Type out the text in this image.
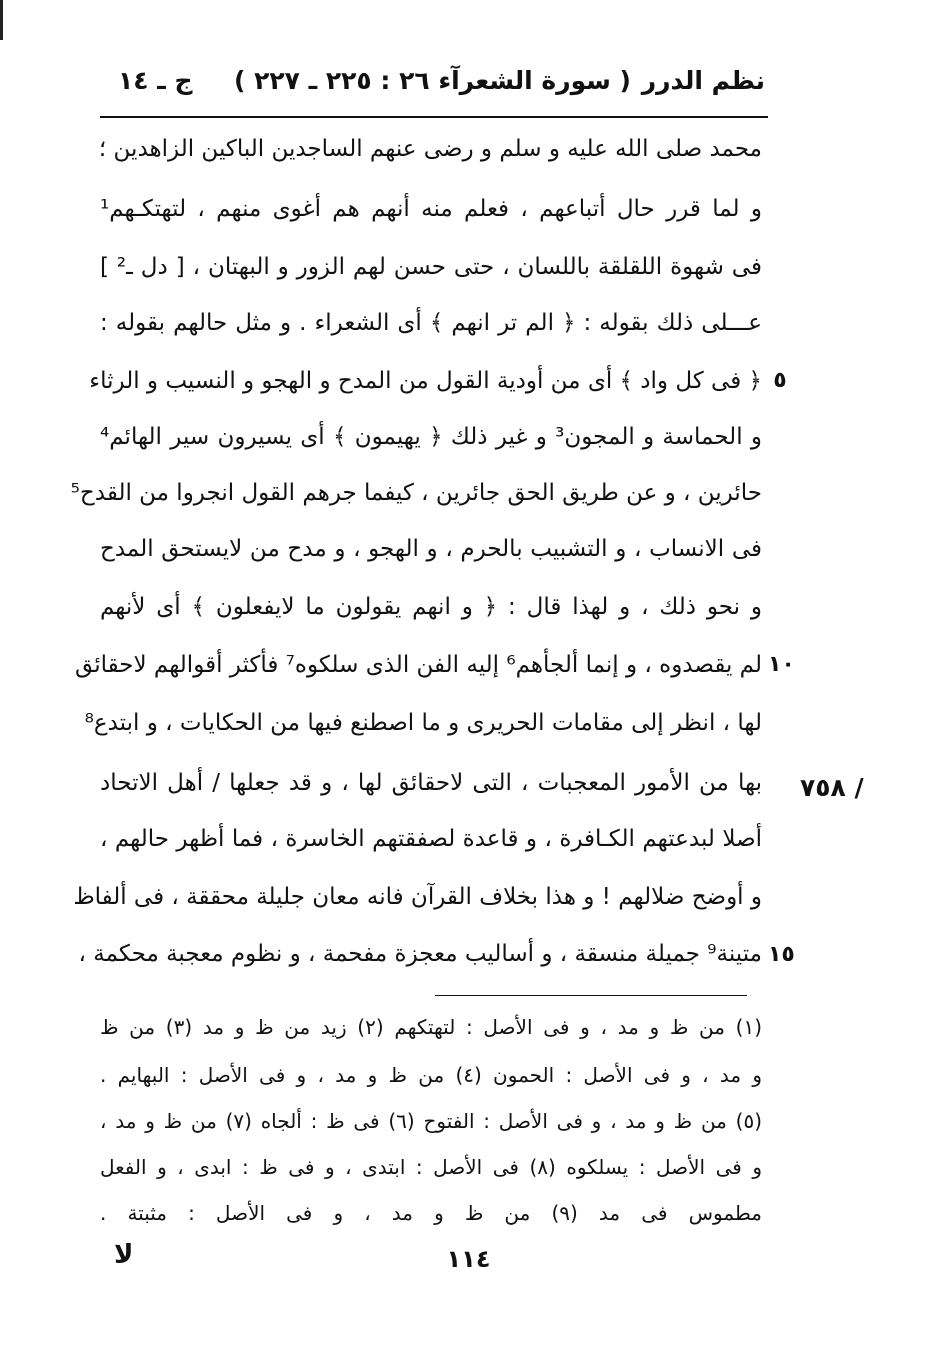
نظم الدرر
( سورة الشعرآء ٢٦ : ٢٢٥ ـ ٢٢٧ )
ج ـ ١٤
محمد صلى الله عليه و سلم و رضى عنهم الساجدين الباكين الزاهدين ؛
و لما قرر حال أتباعهم ، فعلم منه أنهم هم أغوى منهم ، لتهتكـهم¹
فى شهوة اللقلقة باللسان ، حتى حسن لهم الزور و البهتان ، [ دل ـ² ]
عـــلى ذلك بقوله : ﴿ الم تر انهم ﴾ أى الشعراء . و مثل حالهم بقوله :
﴿ فى كل واد ﴾ أى من أودية القول من المدح و الهجو و النسيب و الرثاء
و الحماسة و المجون³ و غير ذلك ﴿ يهيمون ﴾ أى يسيرون سير الهائم⁴
حائرين ، و عن طريق الحق جائرين ، كيفما جرهم القول انجروا من القدح⁵
فى الانساب ، و التشبيب بالحرم ، و الهجو ، و مدح من لايستحق المدح
و نحو ذلك ، و لهذا قال : ﴿ و انهم يقولون ما لايفعلون ﴾ أى لأنهم
لم يقصدوه ، و إنما ألجأهم⁶ إليه الفن الذى سلكوه⁷ فأكثر أقوالهم لاحقائق
لها ، انظر إلى مقامات الحريرى و ما اصطنع فيها من الحكايات ، و ابتدع⁸
بها من الأمور المعجبات ، التى لاحقائق لها ، و قد جعلها / أهل الاتحاد
أصلا لبدعتهم الكـافرة ، و قاعدة لصفقتهم الخاسرة ، فما أظهر حالهم ،
و أوضح ضلالهم ! و هذا بخلاف القرآن فانه معان جليلة محققة ، فى ألفاظ
متينة⁹ جميلة منسقة ، و أساليب معجزة مفحمة ، و نظوم معجبة محكمة ،
٥
١٠
١٥
/ ٧٥٨
(١) من ظ و مد ، و فى الأصل : لتهتكهم (٢) زيد من ظ و مد (٣) من ظ
و مد ، و فى الأصل : الحمون (٤) من ظ و مد ، و فى الأصل : البهايم .
(٥) من ظ و مد ، و فى الأصل : الفتوح (٦) فى ظ : ألجاه (٧) من ظ و مد ،
و فى الأصل : يسلكوه (٨) فى الأصل : ابتدى ، و فى ظ : ابدى ، و الفعل
مطموس فى مد (٩) من ظ و مد ، و فى الأصل : مثبتة .
١١٤
لا
